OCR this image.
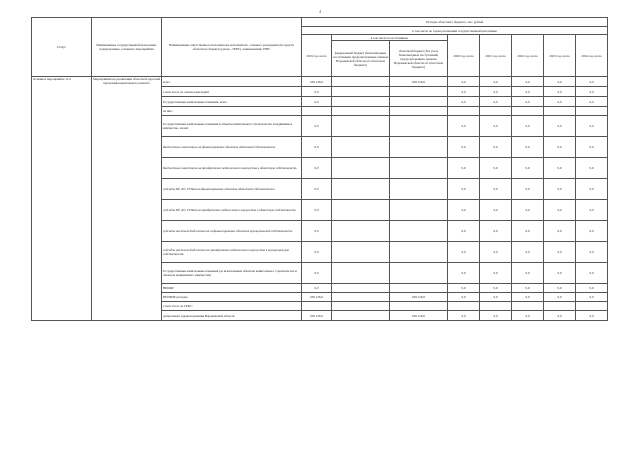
4
Статус	Наименование государственной программы, подпрограммы, основного мероприятия	Наименование ответственного исполнителя, исполнителя - главного распорядителя средств областного бюджета (далее - ГРБС), наименование ГРБС	Расходы областного бюджета, тыс. рублей							
			в том числе по годам реализации государственной программы							
			2019 год, всего	в том числе по источникам:		2020 год, всего	2021 год, всего	2022 год, всего	2023 год, всего	2024 год, всего
				федеральный бюджет (безвозмездные поступления, предусмотренные законом Воронежской области об областном бюджете)	областной бюджет (без учета безвозмездных поступлений, предусмотренных законом Воронежской области об областном бюджете)					
Основное мероприятие 11.6	Мероприятия по реализации областной адресной программы капитального ремонта	всего	659 126,9		659 126,9	0,0	0,0	0,0	0,0	0,0
		в том числе по главным распоряд.	0,0			0,0	0,0	0,0	0,0	0,0
		Государственные капитальные вложения, всего	0,0			0,0	0,0	0,0	0,0	0,0
		из них:								
		Государственные капитальные вложения в объекты капитального строительства и недвижимое имущество, из них	0,0			0,0	0,0	0,0	0,0	0,0
		Бюджетные инвестиции на финансирование объектов областной собственности	0,0			0,0	0,0	0,0	0,0	0,0
		Бюджетные инвестиции на приобретение недвижимого имущества в областную собственность	0,0			0,0	0,0	0,0	0,0	0,0
		субсидии БУ, АУ, ГУПам на финансирование объектов областной собственности	0,0			0,0	0,0	0,0	0,0	0,0
		субсидии БУ, АУ, ГУПам на приобретение недвижимого имущества в областную собственность	0,0			0,0	0,0	0,0	0,0	0,0
		субсидии местным бюджетам на софинансирование объектов муниципальной собственности	0,0			0,0	0,0	0,0	0,0	0,0
		субсидии местным бюджетам на приобретение недвижимого имущества в муниципальную собственность	0,0			0,0	0,0	0,0	0,0	0,0
		Государственные капитальные вложения (за исключением объектов капитального строительства и объектов недвижимого имущества)	0,0			0,0	0,0	0,0	0,0	0,0
		НИОКР	0,0			0,0	0,0	0,0	0,0	0,0
		ПРОЧИЕ расходы	659 126,9		659 126,9	0,0	0,0	0,0	0,0	0,0
		в том числе по ГРБС:								
		департамент здравоохранения Воронежской области	659 126,9		659 126,9	0,0	0,0	0,0	0,0	0,0
